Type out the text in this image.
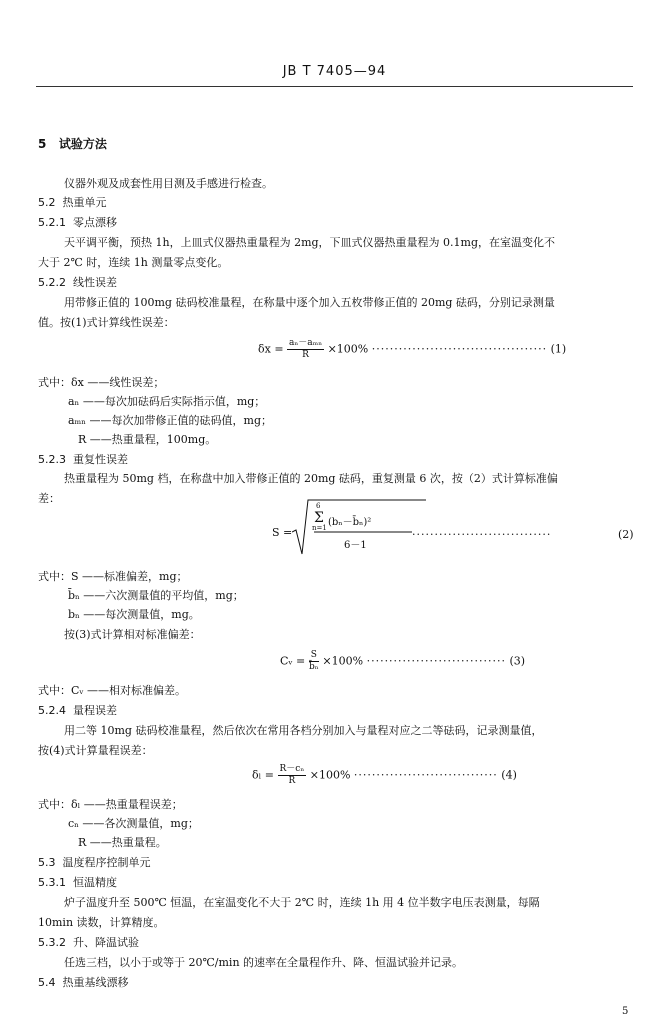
JB T 7405—94
5 试验方法
仪器外观及成套性用目测及手感进行检查。
5.2 热重单元
5.2.1 零点漂移
天平调平衡，预热 1h，上皿式仪器热重量程为 2mg，下皿式仪器热重量程为 0.1mg，在室温变化不
大于 2℃ 时，连续 1h 测量零点变化。
5.2.2 线性误差
用带修正值的 100mg 砝码校准量程，在称量中逐个加入五枚带修正值的 20mg 砝码，分别记录测量
值。按(1)式计算线性误差：
$\delta x = \frac{\text{aₙ－aₘₙ}}{R} \times 100\%$ ······································· (1)
式中：δx ——线性误差；
aₙ ——每次加砝码后实际指示值，mg；
aₘₙ ——每次加带修正值的砝码值，mg；
R ——热重量程，100mg。
5.2.3 重复性误差
热重量程为 50mg 档，在称盘中加入带修正值的 20mg 砝码，重复测量 6 次，按（2）式计算标准偏
差：
S =
6
Σ
n=1 (bₙ－b̄ₙ)²
6－1
·······························	(2)
式中：S ——标准偏差，mg；
b̄ₙ ——六次测量值的平均值，mg；
bₙ ——每次测量值，mg。
按(3)式计算相对标准偏差：
Cᵥ = $\frac{S}{\text{b̄ₙ}} \times 100\%$ ······························· (3)
式中：Cᵥ ——相对标准偏差。
5.2.4 量程误差
用二等 10mg 砝码校准量程，然后依次在常用各档分别加入与量程对应之二等砝码，记录测量值，
按(4)式计算量程误差：
$\delta_l = \frac{\text{R－cₙ}}{R} \times 100\%$ ································ (4)
式中：δₗ ——热重量程误差；
cₙ ——各次测量值，mg；
R ——热重量程。
5.3 温度程序控制单元
5.3.1 恒温精度
炉子温度升至 500℃ 恒温，在室温变化不大于 2℃ 时，连续 1h 用 4 位半数字电压表测量，每隔
10min 读数，计算精度。
5.3.2 升、降温试验
任选三档，以小于或等于 20℃/min 的速率在全量程作升、降、恒温试验并记录。
5.4 热重基线漂移
5
